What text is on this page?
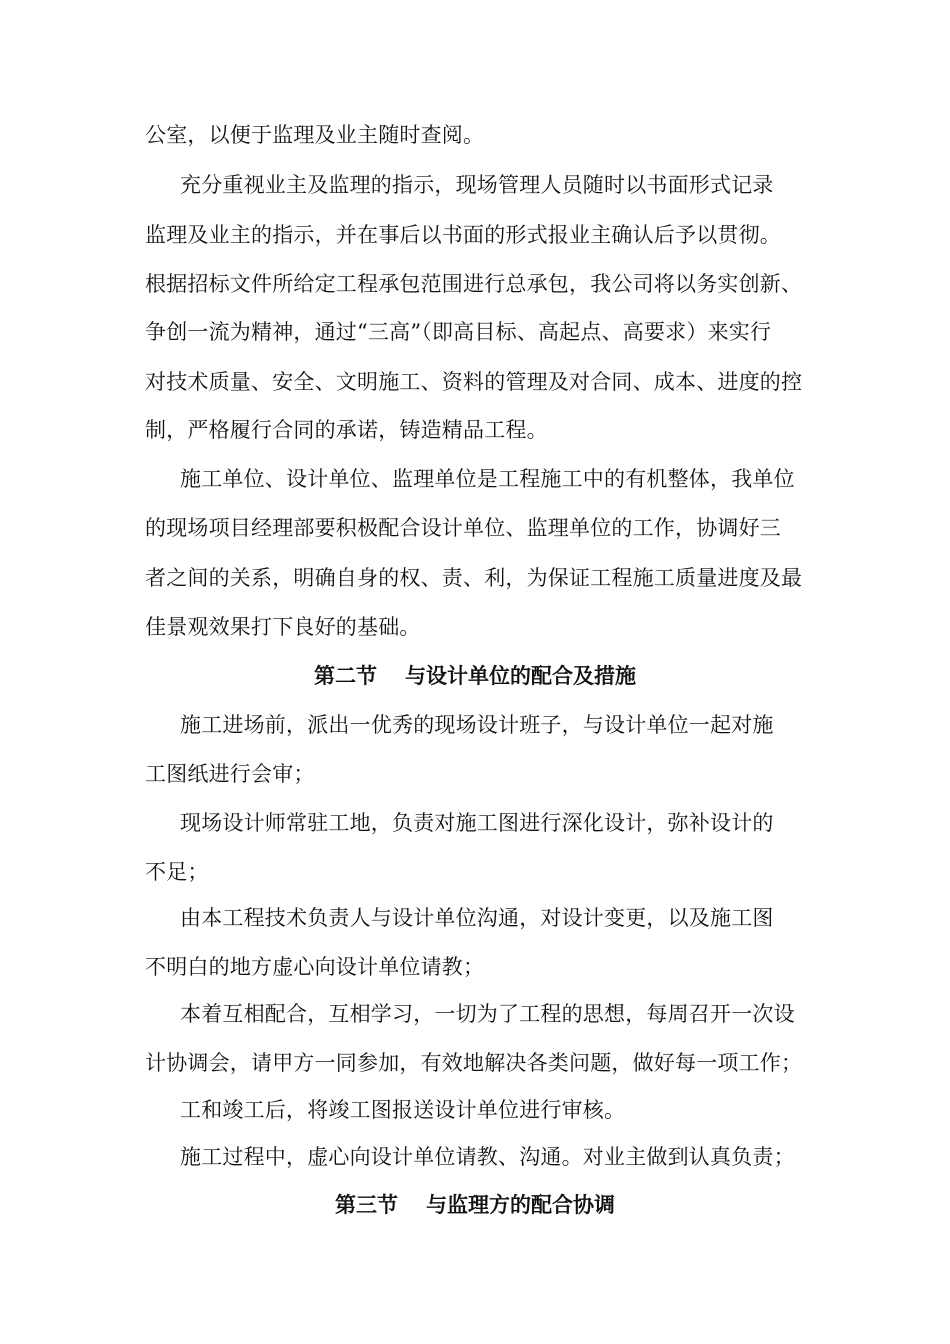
公室，以便于监理及业主随时查阅。
充分重视业主及监理的指示，现场管理人员随时以书面形式记录
监理及业主的指示，并在事后以书面的形式报业主确认后予以贯彻。
根据招标文件所给定工程承包范围进行总承包，我公司将以务实创新、
争创一流为精神，通过“三高”（即高目标、高起点、高要求）来实行
对技术质量、安全、文明施工、资料的管理及对合同、成本、进度的控
制，严格履行合同的承诺，铸造精品工程。
施工单位、设计单位、监理单位是工程施工中的有机整体，我单位
的现场项目经理部要积极配合设计单位、监理单位的工作，协调好三
者之间的关系，明确自身的权、责、利，为保证工程施工质量进度及最
佳景观效果打下良好的基础。
第二节 与设计单位的配合及措施
施工进场前，派出一优秀的现场设计班子，与设计单位一起对施
工图纸进行会审；
现场设计师常驻工地，负责对施工图进行深化设计，弥补设计的
不足；
由本工程技术负责人与设计单位沟通，对设计变更，以及施工图
不明白的地方虚心向设计单位请教；
本着互相配合，互相学习，一切为了工程的思想，每周召开一次设
计协调会，请甲方一同参加，有效地解决各类问题，做好每一项工作；
工和竣工后，将竣工图报送设计单位进行审核。
施工过程中，虚心向设计单位请教、沟通。对业主做到认真负责；
第三节 与监理方的配合协调
